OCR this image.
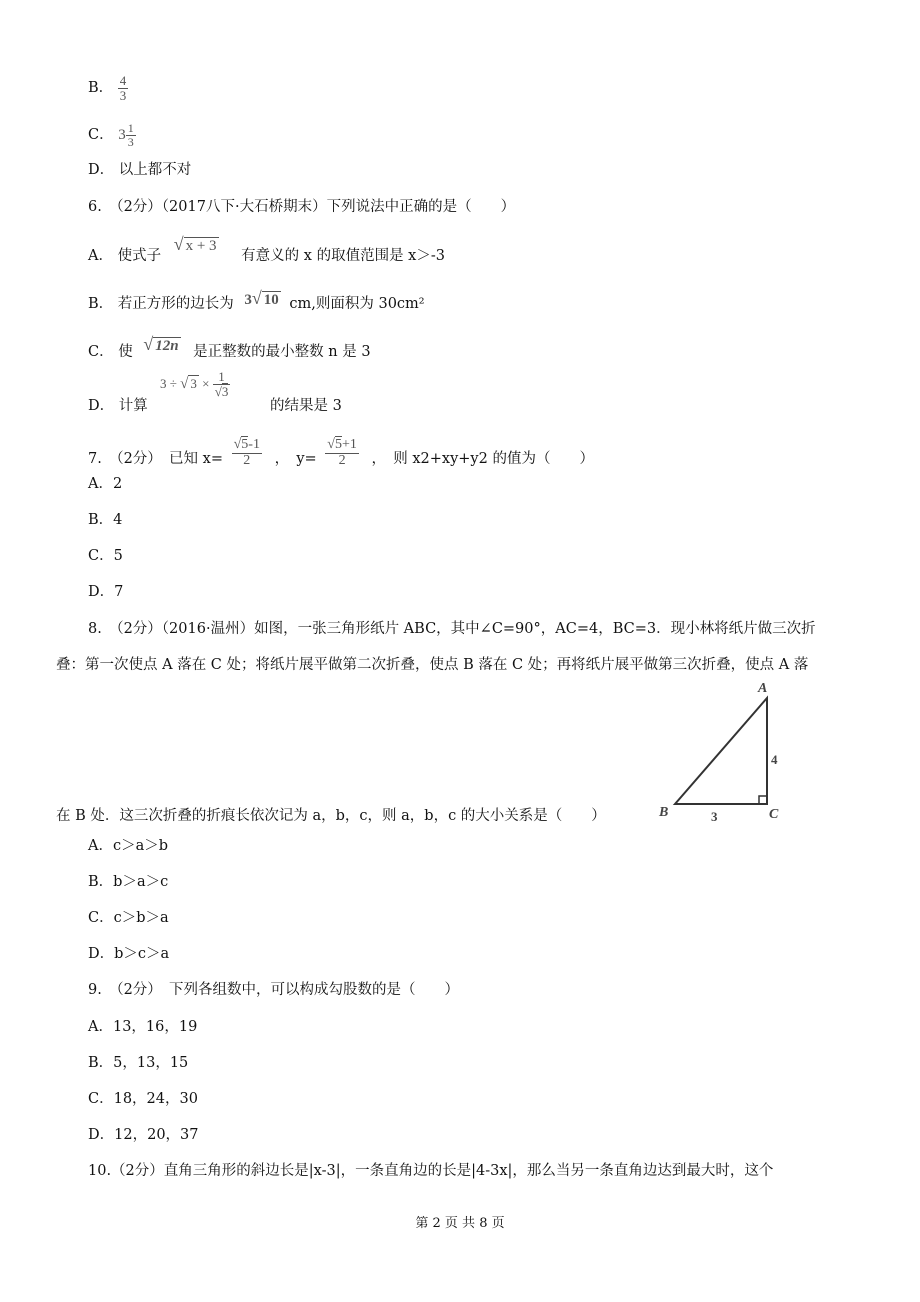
B． $\frac{4}{3}$
C． $3 \frac{1}{3}$
D． 以上都不对
6.　（2分）（2017八下·大石桥期末）下列说法中正确的是（　　）
A． 使式子 √ x + 3 有意义的 x 的取值范围是 x＞-3
B． 若正方形的边长为 3√ 10 cm,则面积为 30cm²
C． 使 √ 12n 是正整数的最小整数 n 是 3
D． 计算
3 ÷ √ $3 \times \frac{1}{√3}$
的结果是 3
7.　（2分）　已知 $x= \frac{√5-1}{2}$ ，　$y= \frac{√5+1}{2}$ ，　则 x2+xy+y2 的值为（　　）
A．2
B．4
C．5
D．7
8.　（2分）（2016·温州）如图，一张三角形纸片 ABC，其中∠C=90°，AC=4，BC=3．现小林将纸片做三次折
叠：第一次使点 A 落在 C 处；将纸片展平做第二次折叠，使点 B 落在 C 处；再将纸片展平做第三次折叠，使点 A 落
A
B	C
4
3
在 B 处．这三次折叠的折痕长依次记为 a，b，c，则 a，b，c 的大小关系是（　　）
A．c＞a＞b
B．b＞a＞c
C．c＞b＞a
D．b＞c＞a
9.　（2分）　下列各组数中，可以构成勾股数的是（　　）
A．13，16，19
B．5，13，15
C．18，24，30
D．12，20，37
10.（2分）直角三角形的斜边长是|x-3|，一条直角边的长是|4-3x|，那么当另一条直角边达到最大时，这个
第 2 页 共 8 页
